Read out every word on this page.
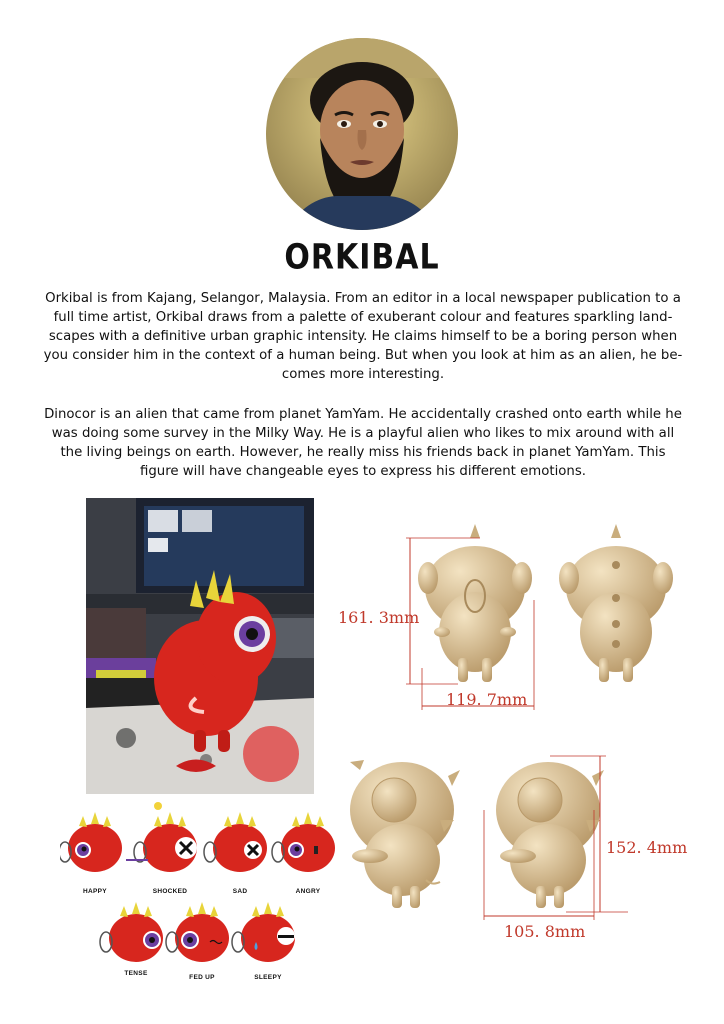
ORKIBAL
Orkibal is from Kajang, Selangor, Malaysia. From an editor in a local newspaper publication to a full time artist, Orkibal draws from a palette of exuberant colour and features sparkling land- scapes with a definitive urban graphic intensity. He claims himself to be a boring person when you consider him in the context of a human being. But when you look at him as an alien, he be- comes more interesting.
Dinocor is an alien that came from planet YamYam. He accidentally crashed onto earth while he was doing some survey in the Milky Way. He is a playful alien who likes to mix around with all the living beings on earth. However, he really miss his friends back in planet YamYam. This figure will have changeable eyes to express his different emotions.
HAPPY	SHOCKED	SAD	ANGRY
TENSE
FED UP	SLEEPY
161. 3mm
119. 7mm
152. 4mm
105. 8mm
